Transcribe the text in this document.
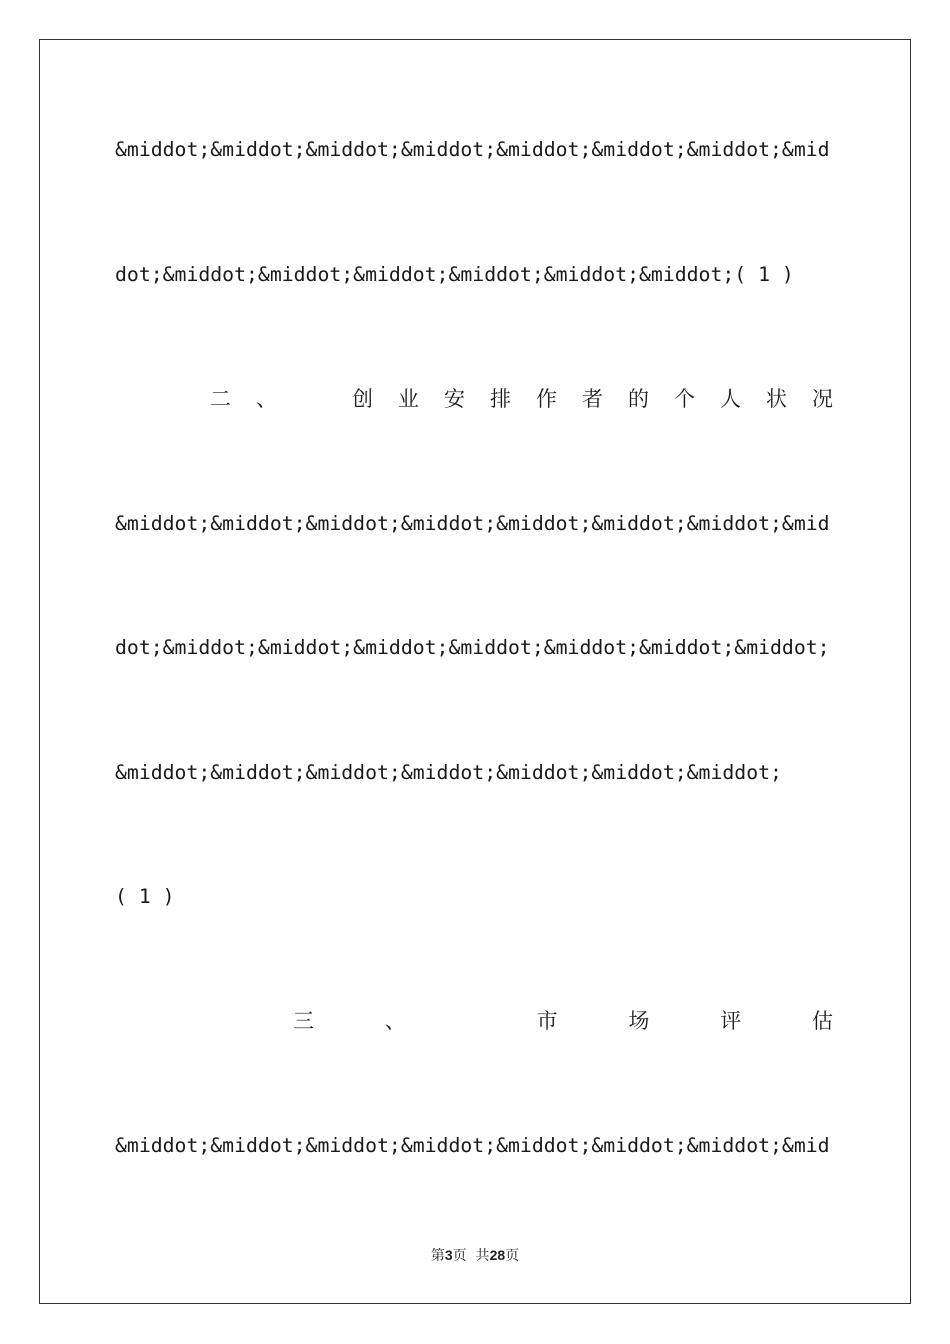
&middot;&middot;&middot;&middot;&middot;&middot;&middot;&mid
dot;&middot;&middot;&middot;&middot;&middot;&middot;( 1 )
二 、	创 业 安 排 作 者 的 个 人 状 况
&middot;&middot;&middot;&middot;&middot;&middot;&middot;&mid
dot;&middot;&middot;&middot;&middot;&middot;&middot;&middot;
&middot;&middot;&middot;&middot;&middot;&middot;&middot;
( 1 )
三	、	市	场	评	估
&middot;&middot;&middot;&middot;&middot;&middot;&middot;&mid
第3页  共28页
